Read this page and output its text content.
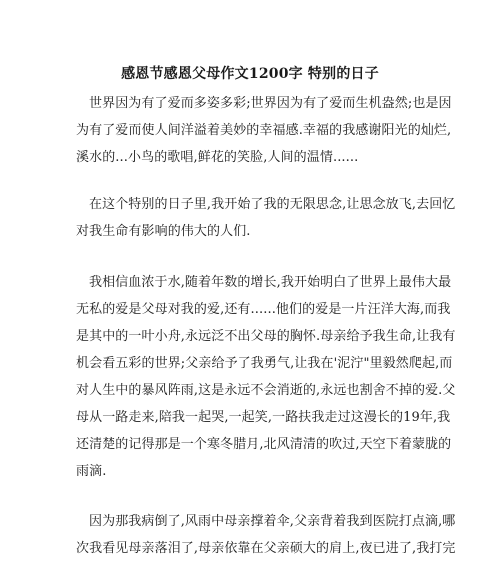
感恩节感恩父母作文1200字 特别的日子
世界因为有了爱而多姿多彩;世界因为有了爱而生机盎然;也是因
为有了爱而使人间洋溢着美妙的幸福感.幸福的我感谢阳光的灿烂,
溪水的...小鸟的歌唱,鲜花的笑脸,人间的温情......
在这个特别的日子里,我开始了我的无限思念,让思念放飞,去回忆
对我生命有影响的伟大的人们.
我相信血浓于水,随着年数的增长,我开始明白了世界上最伟大最
无私的爱是父母对我的爱,还有......他们的爱是一片汪洋大海,而我
是其中的一叶小舟,永远泛不出父母的胸怀.母亲给予我生命,让我有
机会看五彩的世界;父亲给予了我勇气,让我在'泥泞"里毅然爬起,而
对人生中的暴风阵雨,这是永远不会消逝的,永远也割舍不掉的爱.父
母从一路走来,陪我一起哭,一起笑,一路扶我走过这漫长的19年,我
还清楚的记得那是一个寒冬腊月,北风清清的吹过,天空下着蒙胧的
雨滴.
因为那我病倒了,风雨中母亲撑着伞,父亲背着我到医院打点滴,哪
次我看见母亲落泪了,母亲依靠在父亲硕大的肩上,夜已进了,我打完
